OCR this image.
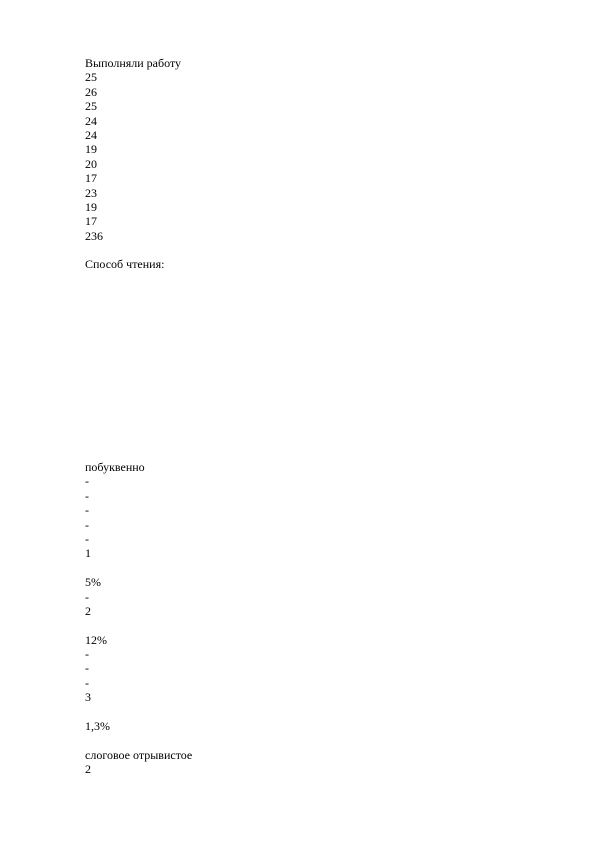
Выполняли работу
25
26
25
24
24
19
20
17
23
19
17
236
Способ чтения:
побуквенно
-
-
-
-
-
1
5%
-
2
12%
-
-
-
3
1,3%
слоговое отрывистое
2
